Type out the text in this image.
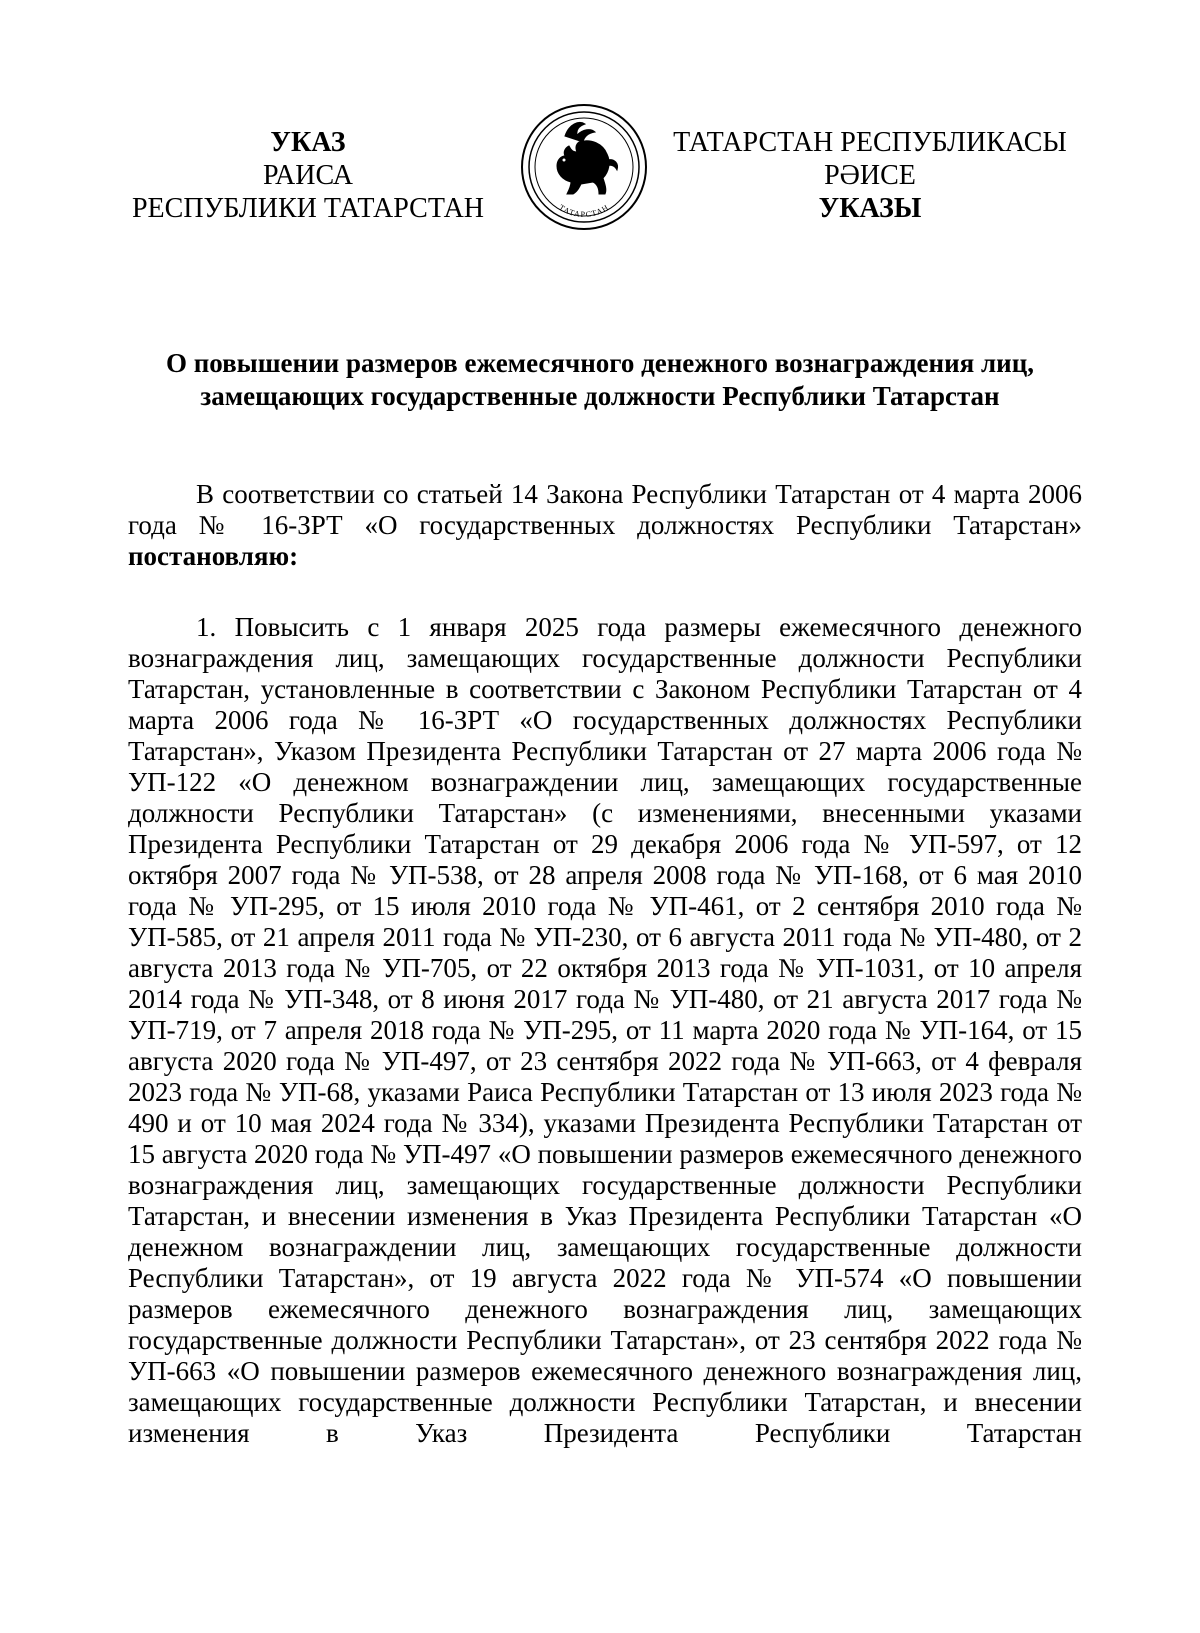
УКАЗ
РАИСА
РЕСПУБЛИКИ ТАТАРСТАН	ТАТАРСТАН
ТАТАРСТАН РЕСПУБЛИКАСЫ
РӘИСЕ
УКАЗЫ
О повышении размеров ежемесячного денежного вознаграждения лиц,
замещающих государственные должности Республики Татарстан

В соответствии со статьей 14 Закона Республики Татарстан от 4 марта 2006 года № 16-ЗРТ «О государственных должностях Республики Татарстан» постановляю:

1. Повысить с 1 января 2025 года размеры ежемесячного денежного вознаграждения лиц, замещающих государственные должности Республики Татарстан, установленные в соответствии с Законом Республики Татарстан от 4 марта 2006 года № 16-ЗРТ «О государственных должностях Республики Татарстан», Указом Президента Республики Татарстан от 27 марта 2006 года № УП-122 «О денежном вознаграждении лиц, замещающих государственные должности Республики Татарстан» (с изменениями, внесенными указами Президента Республики Татарстан от 29 декабря 2006 года № УП-597, от 12 октября 2007 года № УП-538, от 28 апреля 2008 года № УП-168, от 6 мая 2010 года № УП-295, от 15 июля 2010 года № УП-461, от 2 сентября 2010 года № УП-585, от 21 апреля 2011 года № УП-230, от 6 августа 2011 года № УП-480, от 2 августа 2013 года № УП-705, от 22 октября 2013 года № УП-1031, от 10 апреля 2014 года № УП-348, от 8 июня 2017 года № УП-480, от 21 августа 2017 года № УП-719, от 7 апреля 2018 года № УП-295, от 11 марта 2020 года № УП-164, от 15 августа 2020 года № УП-497, от 23 сентября 2022 года № УП-663, от 4 февраля 2023 года № УП-68, указами Раиса Республики Татарстан от 13 июля 2023 года № 490 и от 10 мая 2024 года № 334), указами Президента Республики Татарстан от 15 августа 2020 года № УП-497 «О повышении размеров ежемесячного денежного вознаграждения лиц, замещающих государственные должности Республики Татарстан, и внесении изменения в Указ Президента Республики Татарстан «О денежном вознаграждении лиц, замещающих государственные должности Республики Татарстан», от 19 августа 2022 года № УП-574 «О повышении размеров ежемесячного денежного вознаграждения лиц, замещающих государственные должности Республики Татарстан», от 23 сентября 2022 года № УП-663 «О повышении размеров ежемесячного денежного вознаграждения лиц, замещающих государственные должности Республики Татарстан, и внесении изменения в Указ Президента Республики Татарстан
